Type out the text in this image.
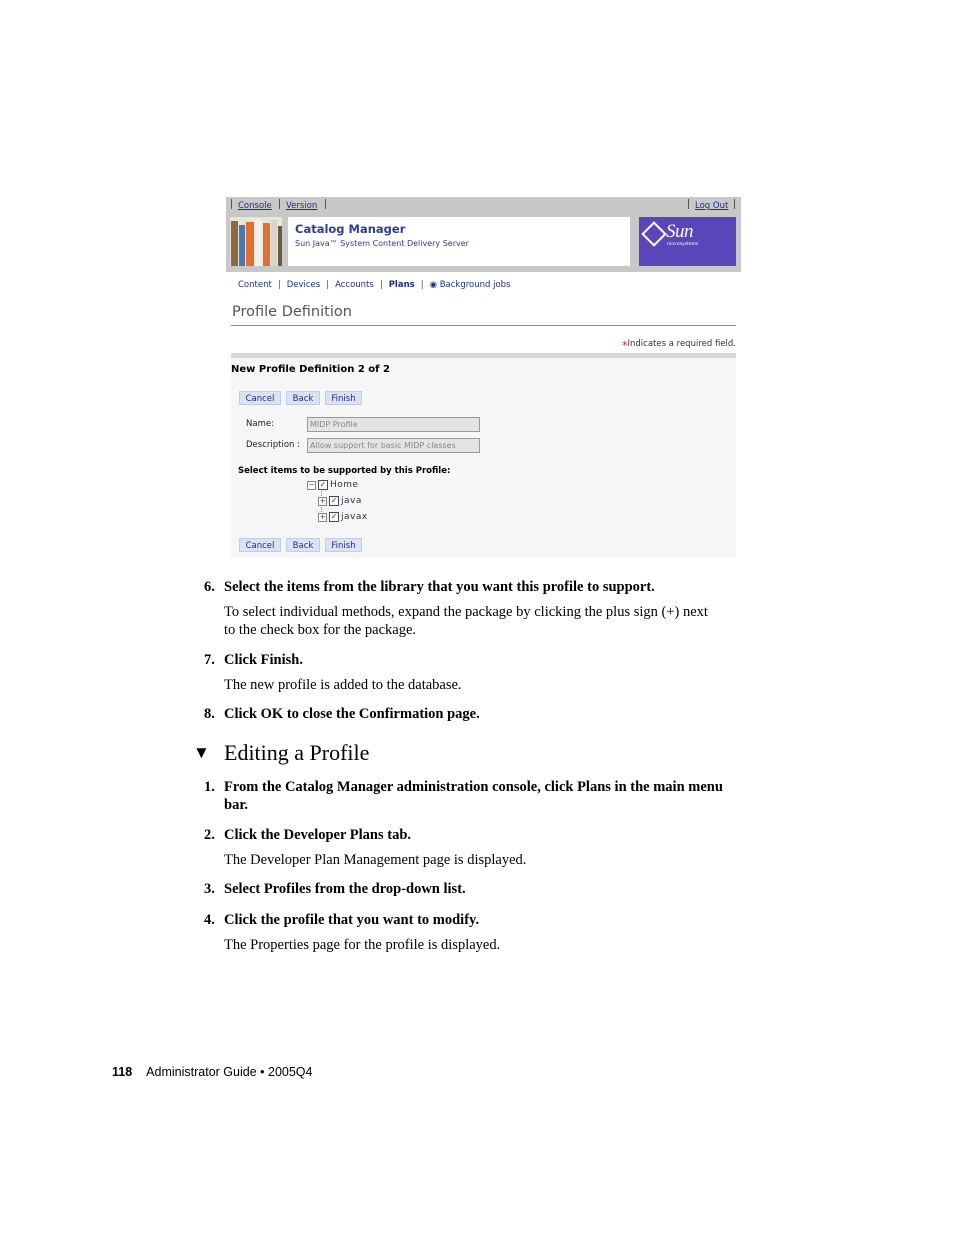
Console Version	Log Out
Catalog Manager
Sun Java™ System Content Delivery Server
Sun
microsystems
Content | Devices | Accounts | Plans | ◉ Background jobs
Profile Definition
*Indicates a required field.
New Profile Definition 2 of 2
Cancel	Back	Finish
Name:	MIDP Profile
Description :	Allow support for basic MIDP classes
Select items to be supported by this Profile:
− ✓ Home
+ ✓ java
+ ✓ javax
Cancel	Back	Finish
6. Select the items from the library that you want this profile to support.
To select individual methods, expand the package by clicking the plus sign (+) next
to the check box for the package.
7. Click Finish.
The new profile is added to the database.
8. Click OK to close the Confirmation page.
▼ Editing a Profile
1. From the Catalog Manager administration console, click Plans in the main menu
bar.
2. Click the Developer Plans tab.
The Developer Plan Management page is displayed.
3. Select Profiles from the drop-down list.
4. Click the profile that you want to modify.
The Properties page for the profile is displayed.
118 Administrator Guide • 2005Q4
